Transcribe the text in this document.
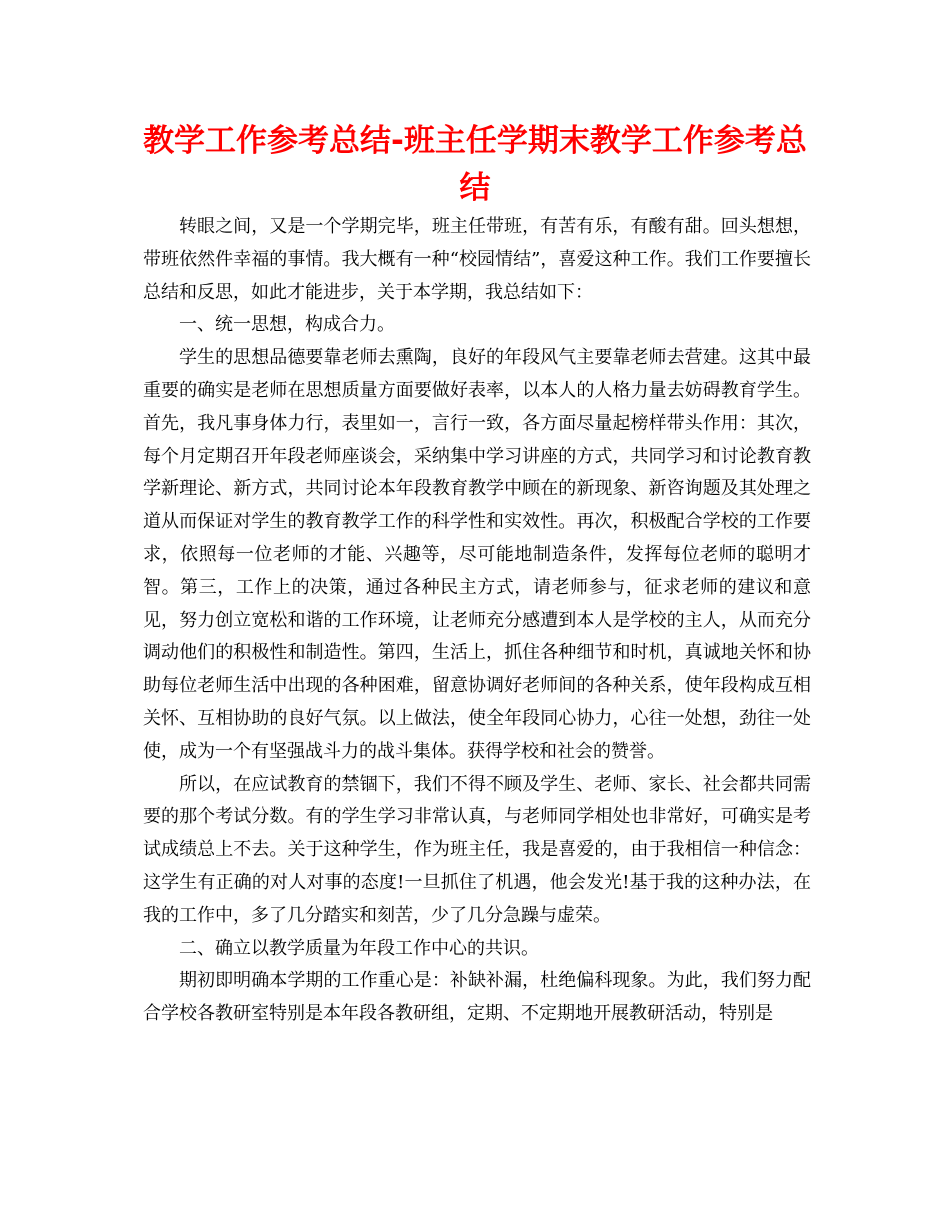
教学工作参考总结-班主任学期末教学工作参考总结

转眼之间，又是一个学期完毕，班主任带班，有苦有乐，有酸有甜。回头想想，带班依然件幸福的事情。我大概有一种“校园情结”，喜爱这种工作。我们工作要擅长总结和反思，如此才能进步，关于本学期，我总结如下：

一、统一思想，构成合力。

学生的思想品德要靠老师去熏陶，良好的年段风气主要靠老师去营建。这其中最重要的确实是老师在思想质量方面要做好表率，以本人的人格力量去妨碍教育学生。首先，我凡事身体力行，表里如一，言行一致，各方面尽量起榜样带头作用：其次，每个月定期召开年段老师座谈会，采纳集中学习讲座的方式，共同学习和讨论教育教学新理论、新方式，共同讨论本年段教育教学中顾在的新现象、新咨询题及其处理之道从而保证对学生的教育教学工作的科学性和实效性。再次，积极配合学校的工作要求，依照每一位老师的才能、兴趣等，尽可能地制造条件，发挥每位老师的聪明才智。第三，工作上的决策，通过各种民主方式，请老师参与，征求老师的建议和意见，努力创立宽松和谐的工作环境，让老师充分感遭到本人是学校的主人，从而充分调动他们的积极性和制造性。第四，生活上，抓住各种细节和时机，真诚地关怀和协助每位老师生活中出现的各种困难，留意协调好老师间的各种关系，使年段构成互相关怀、互相协助的良好气氛。以上做法，使全年段同心协力，心往一处想，劲往一处使，成为一个有坚强战斗力的战斗集体。获得学校和社会的赞誉。

所以，在应试教育的禁锢下，我们不得不顾及学生、老师、家长、社会都共同需要的那个考试分数。有的学生学习非常认真，与老师同学相处也非常好，可确实是考试成绩总上不去。关于这种学生，作为班主任，我是喜爱的，由于我相信一种信念：这学生有正确的对人对事的态度!一旦抓住了机遇，他会发光!基于我的这种办法，在我的工作中，多了几分踏实和刻苦，少了几分急躁与虚荣。

二、确立以教学质量为年段工作中心的共识。

期初即明确本学期的工作重心是：补缺补漏，杜绝偏科现象。为此，我们努力配合学校各教研室特别是本年段各教研组，定期、不定期地开展教研活动，特别是
